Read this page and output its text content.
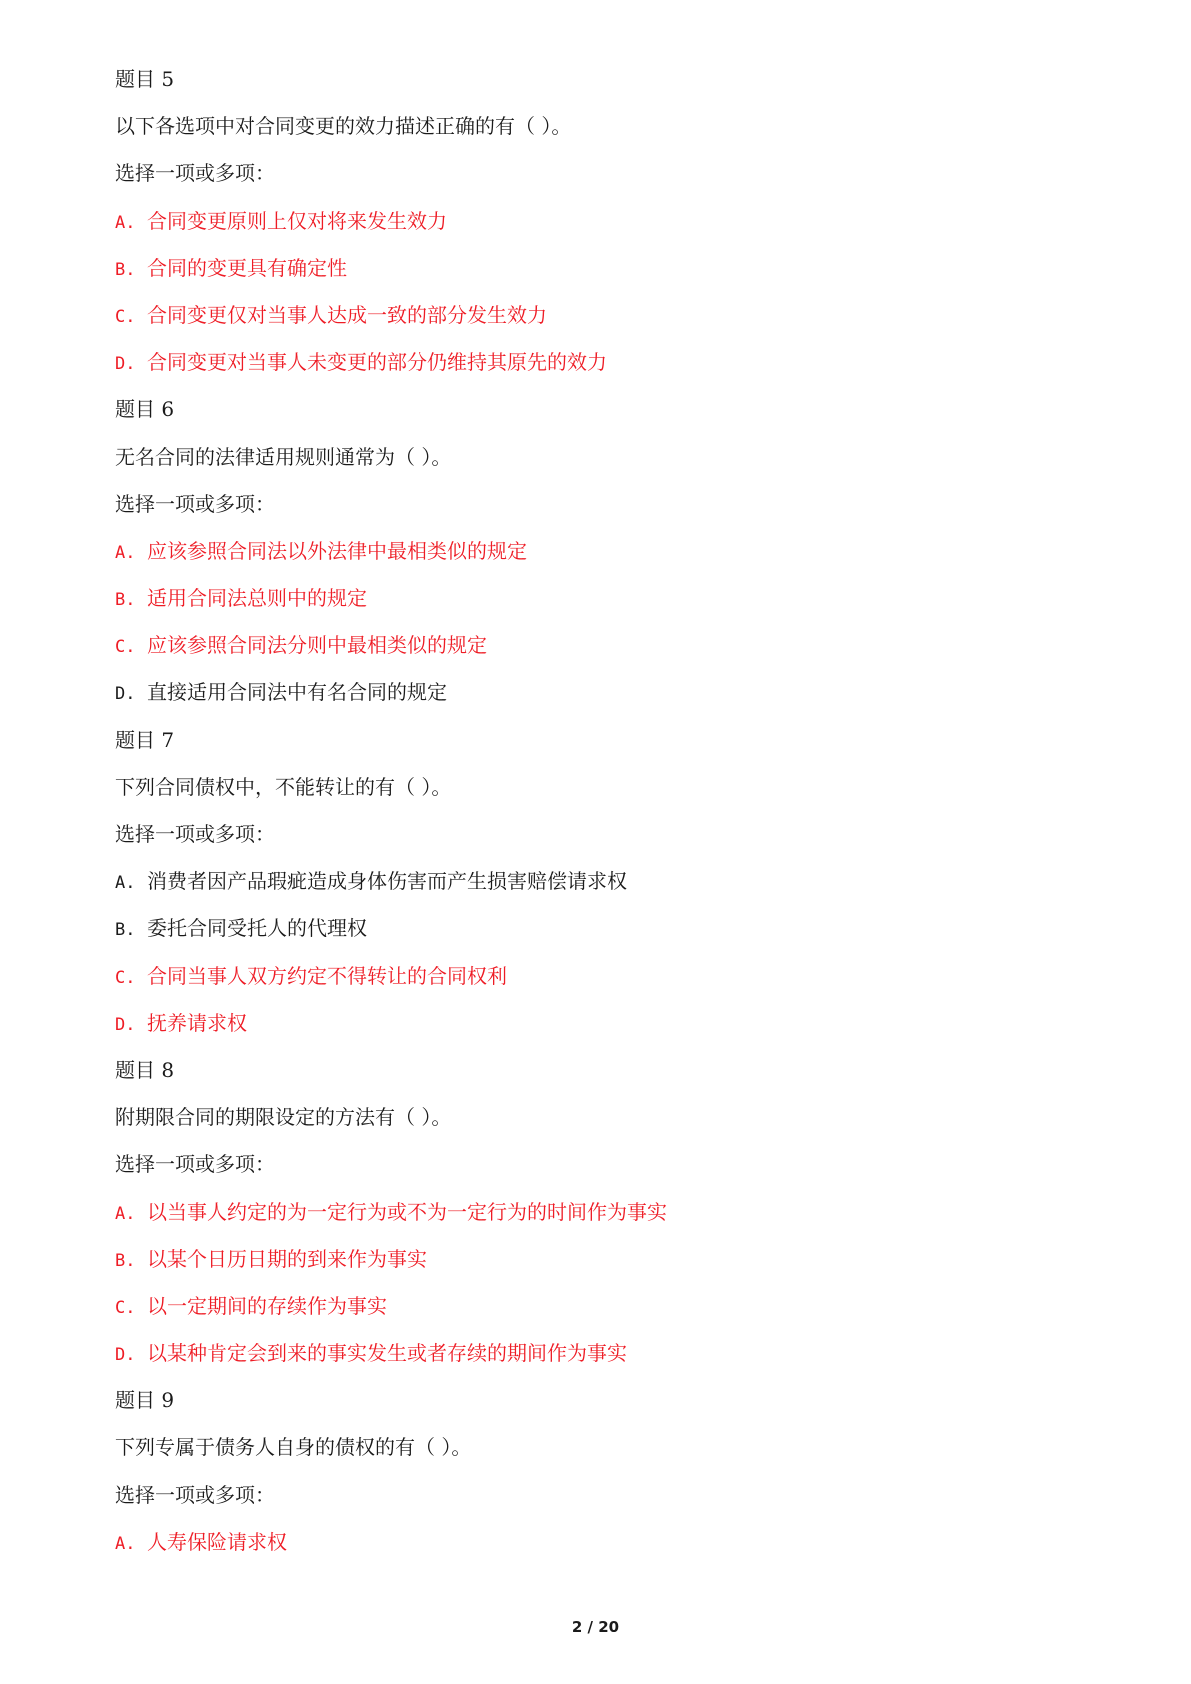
题目 5
以下各选项中对合同变更的效力描述正确的有（ ）。
选择一项或多项：
A. 合同变更原则上仅对将来发生效力
B. 合同的变更具有确定性
C. 合同变更仅对当事人达成一致的部分发生效力
D. 合同变更对当事人未变更的部分仍维持其原先的效力
题目 6
无名合同的法律适用规则通常为（ ）。
选择一项或多项：
A. 应该参照合同法以外法律中最相类似的规定
B. 适用合同法总则中的规定
C. 应该参照合同法分则中最相类似的规定
D. 直接适用合同法中有名合同的规定
题目 7
下列合同债权中，不能转让的有（ ）。
选择一项或多项：
A. 消费者因产品瑕疵造成身体伤害而产生损害赔偿请求权
B. 委托合同受托人的代理权
C. 合同当事人双方约定不得转让的合同权利
D. 抚养请求权
题目 8
附期限合同的期限设定的方法有（ ）。
选择一项或多项：
A. 以当事人约定的为一定行为或不为一定行为的时间作为事实
B. 以某个日历日期的到来作为事实
C. 以一定期间的存续作为事实
D. 以某种肯定会到来的事实发生或者存续的期间作为事实
题目 9
下列专属于债务人自身的债权的有（ ）。
选择一项或多项：
A. 人寿保险请求权
2 / 20
